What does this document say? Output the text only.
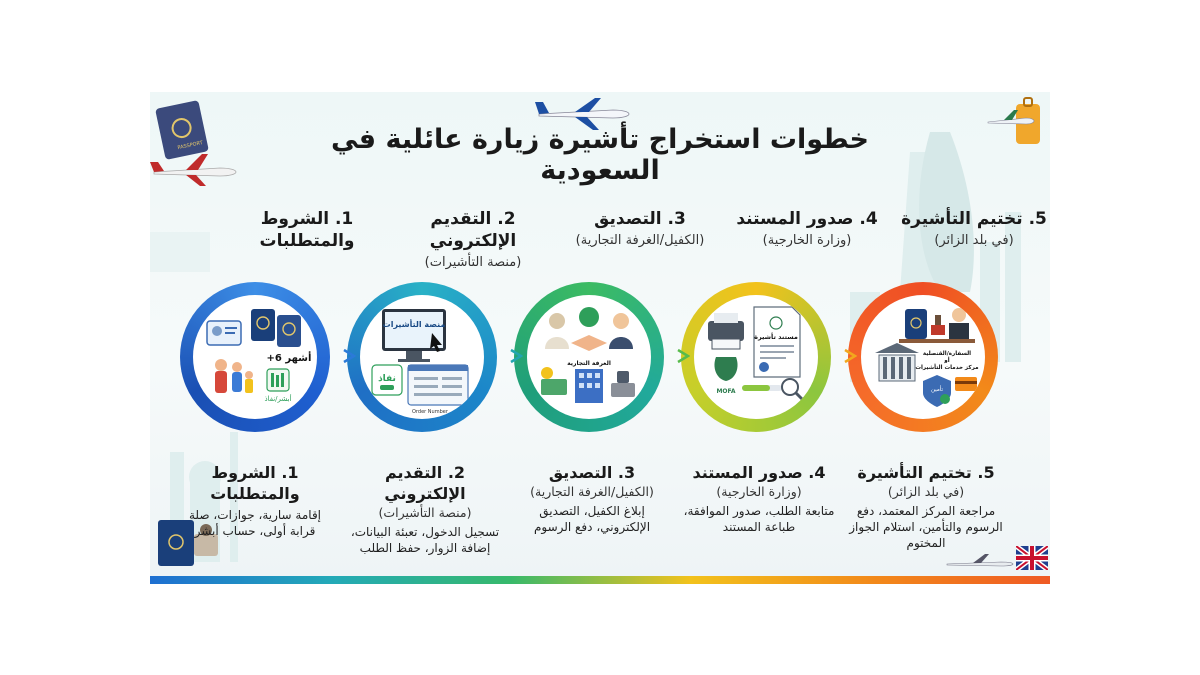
PASSPORT	خطوات استخراج تأشيرة زيارة عائلية في السعودية
1. الشروط والمتطلبات
2. التقديم الإلكتروني
(منصة التأشيرات)
3. التصديق
(الكفيل/الغرفة التجارية)
4. صدور المستند
(وزارة الخارجية)
5. تختيم التأشيرة
(في بلد الزائر)
+6 أشهر
أبشر/نفاذ
منصة التأشيرات
نفاذ
Order Number
الغرفة التجارية
مستند تأشيرة
MOFA
السفارة/القنصلية
أو
مركز خدمات التأشيرات
تأمين
1. الشروط والمتطلبات
إقامة سارية، جوازات، صلة قرابة أولى، حساب أبشر
2. التقديم الإلكتروني
(منصة التأشيرات)
تسجيل الدخول، تعبئة البيانات، إضافة الزوار، حفظ الطلب
3. التصديق
(الكفيل/الغرفة التجارية)
إبلاغ الكفيل، التصديق الإلكتروني، دفع الرسوم
4. صدور المستند
(وزارة الخارجية)
متابعة الطلب، صدور الموافقة، طباعة المستند
5. تختيم التأشيرة
(في بلد الزائر)
مراجعة المركز المعتمد، دفع الرسوم والتأمين، استلام الجواز المختوم
